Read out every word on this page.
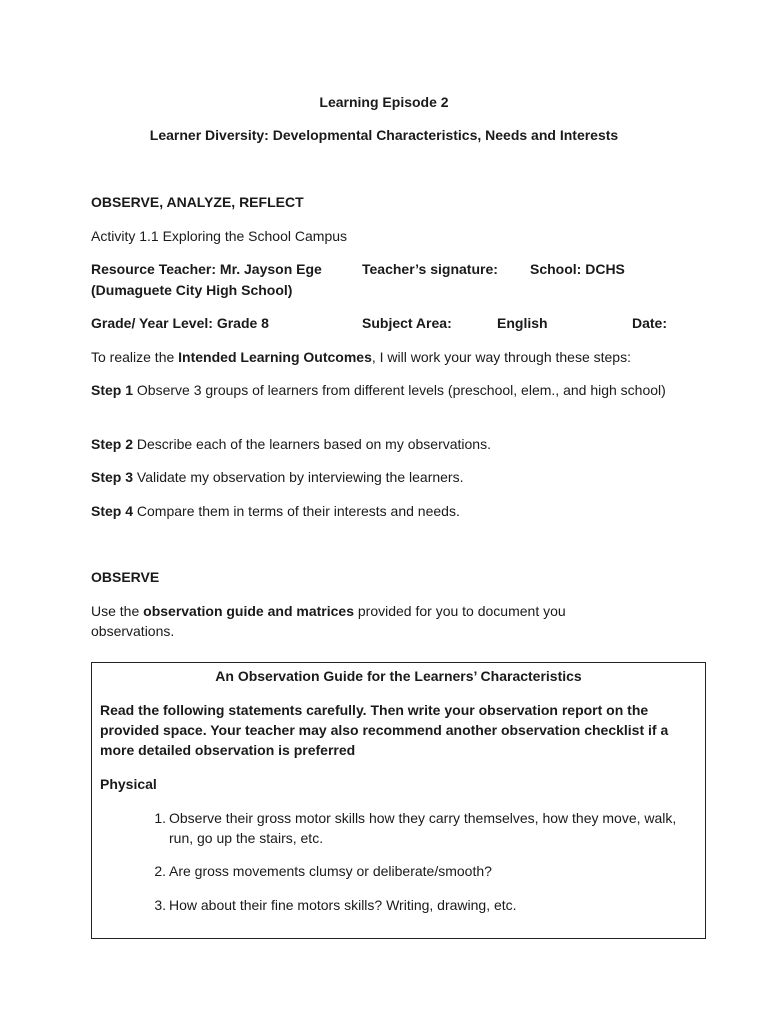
Learning Episode 2
Learner Diversity: Developmental Characteristics, Needs and Interests
OBSERVE, ANALYZE, REFLECT
Activity 1.1 Exploring the School Campus
Resource Teacher: Mr. Jayson Ege	Teacher’s signature: School: DCHS
(Dumaguete City High School)
Grade/ Year Level: Grade 8	Subject Area:	English	Date:
To realize the Intended Learning Outcomes, I will work your way through these steps:
Step 1 Observe 3 groups of learners from different levels (preschool, elem., and high school)
Step 2 Describe each of the learners based on my observations.
Step 3 Validate my observation by interviewing the learners.
Step 4 Compare them in terms of their interests and needs.
OBSERVE
Use the observation guide and matrices provided for you to document you observations.
An Observation Guide for the Learners’ Characteristics
Read the following statements carefully. Then write your observation report on the provided space. Your teacher may also recommend another observation checklist if a more detailed observation is preferred
Physical
1. Observe their gross motor skills how they carry themselves, how they move, walk, run, go up the stairs, etc.
2. Are gross movements clumsy or deliberate/smooth?
3. How about their fine motors skills? Writing, drawing, etc.
